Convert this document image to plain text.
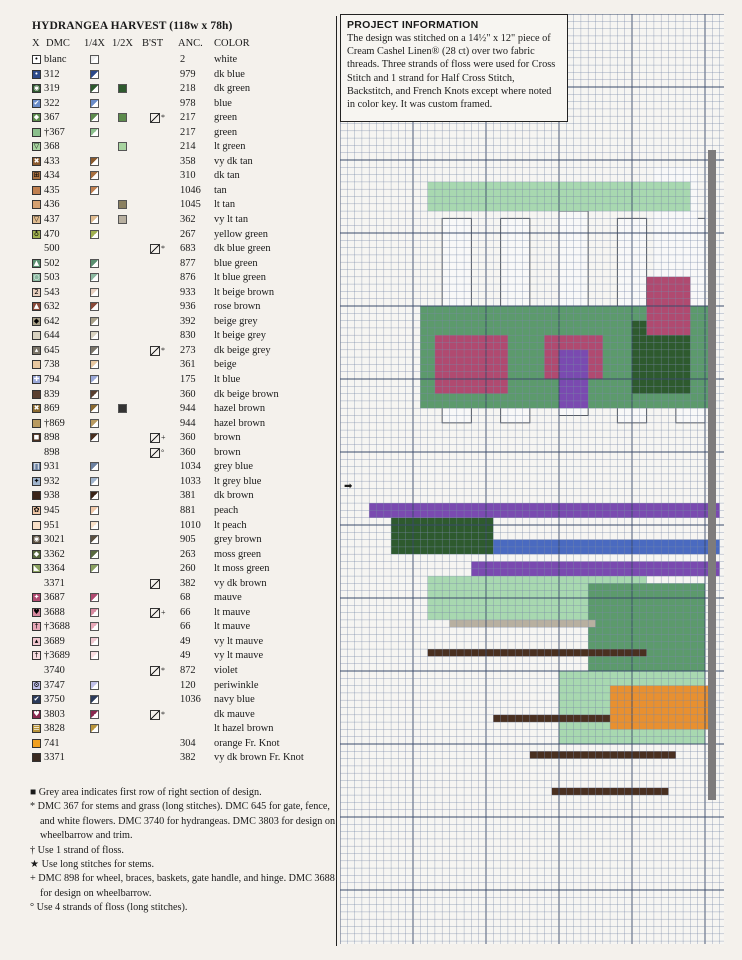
HYDRANGEA HARVEST (118w x 78h)
X DMC 1/4X 1/2X B'ST ANC. COLOR
• blanc	2	white
• 312	979 dk blue
◉ 319	218 dk green
✔ 322	978 blue
◆ 367	* 217 green
†367	217 green
▽ 368	214 lt green
✖ 433	358 vy dk tan
⊞ 434	310 dk tan
435	1046 tan
436	1045 lt tan
▽ 437	362 vy lt tan
♁ 470	267 yellow green
500	* 683 dk blue green
▲ 502	877 blue green
○ 503	876 lt blue green
2 543	933 lt beige brown
▲ 632	936 rose brown
◆ 642	392 beige grey
644	830 lt beige grey
▴ 645	* 273 dk beige grey
738	361 beige
✚ 794	175 lt blue
839	360 dk beige brown
✖ 869	944 hazel brown
†869	944 hazel brown
◼ 898	+ 360 brown
898	° 360 brown
∏ 931	1034 grey blue
✦ 932	1033 lt grey blue
938	381 dk brown
✿ 945	881 peach
951	1010 lt peach
◉ 3021	905 grey brown
◆ 3362	263 moss green
◣ 3364	260 lt moss green
3371	382 vy dk brown
✦ 3687	68 mauve
♥ 3688	+ 66 lt mauve
† †3688	66 lt mauve
▴ 3689	49 vy lt mauve
† †3689	49 vy lt mauve
3740	* 872 violet
⚙ 3747	120 periwinkle
✔ 3750	1036 navy blue
♥ 3803	*	dk mauve
☰ 3828	lt hazel brown
741	304 orange Fr. Knot
3371	382 vy dk brown Fr. Knot

■ Grey area indicates first row of right section of design.

* DMC 367 for stems and grass (long stitches). DMC 645 for gate, fence, and white flowers. DMC 3740 for hydrangeas. DMC 3803 for design on wheelbarrow and trim.

† Use 1 strand of floss.

★ Use long stitches for stems.

+ DMC 898 for wheel, braces, baskets, gate handle, and hinge. DMC 3688 for design on wheelbarrow.

° Use 4 strands of floss (long stitches).

➡
PROJECT INFORMATION
The design was stitched on a 14½" x 12" piece of Cream Cashel Linen® (28 ct) over two fabric threads. Three strands of floss were used for Cross Stitch and 1 strand for Half Cross Stitch, Backstitch, and French Knots except where noted in color key. It was custom framed.
